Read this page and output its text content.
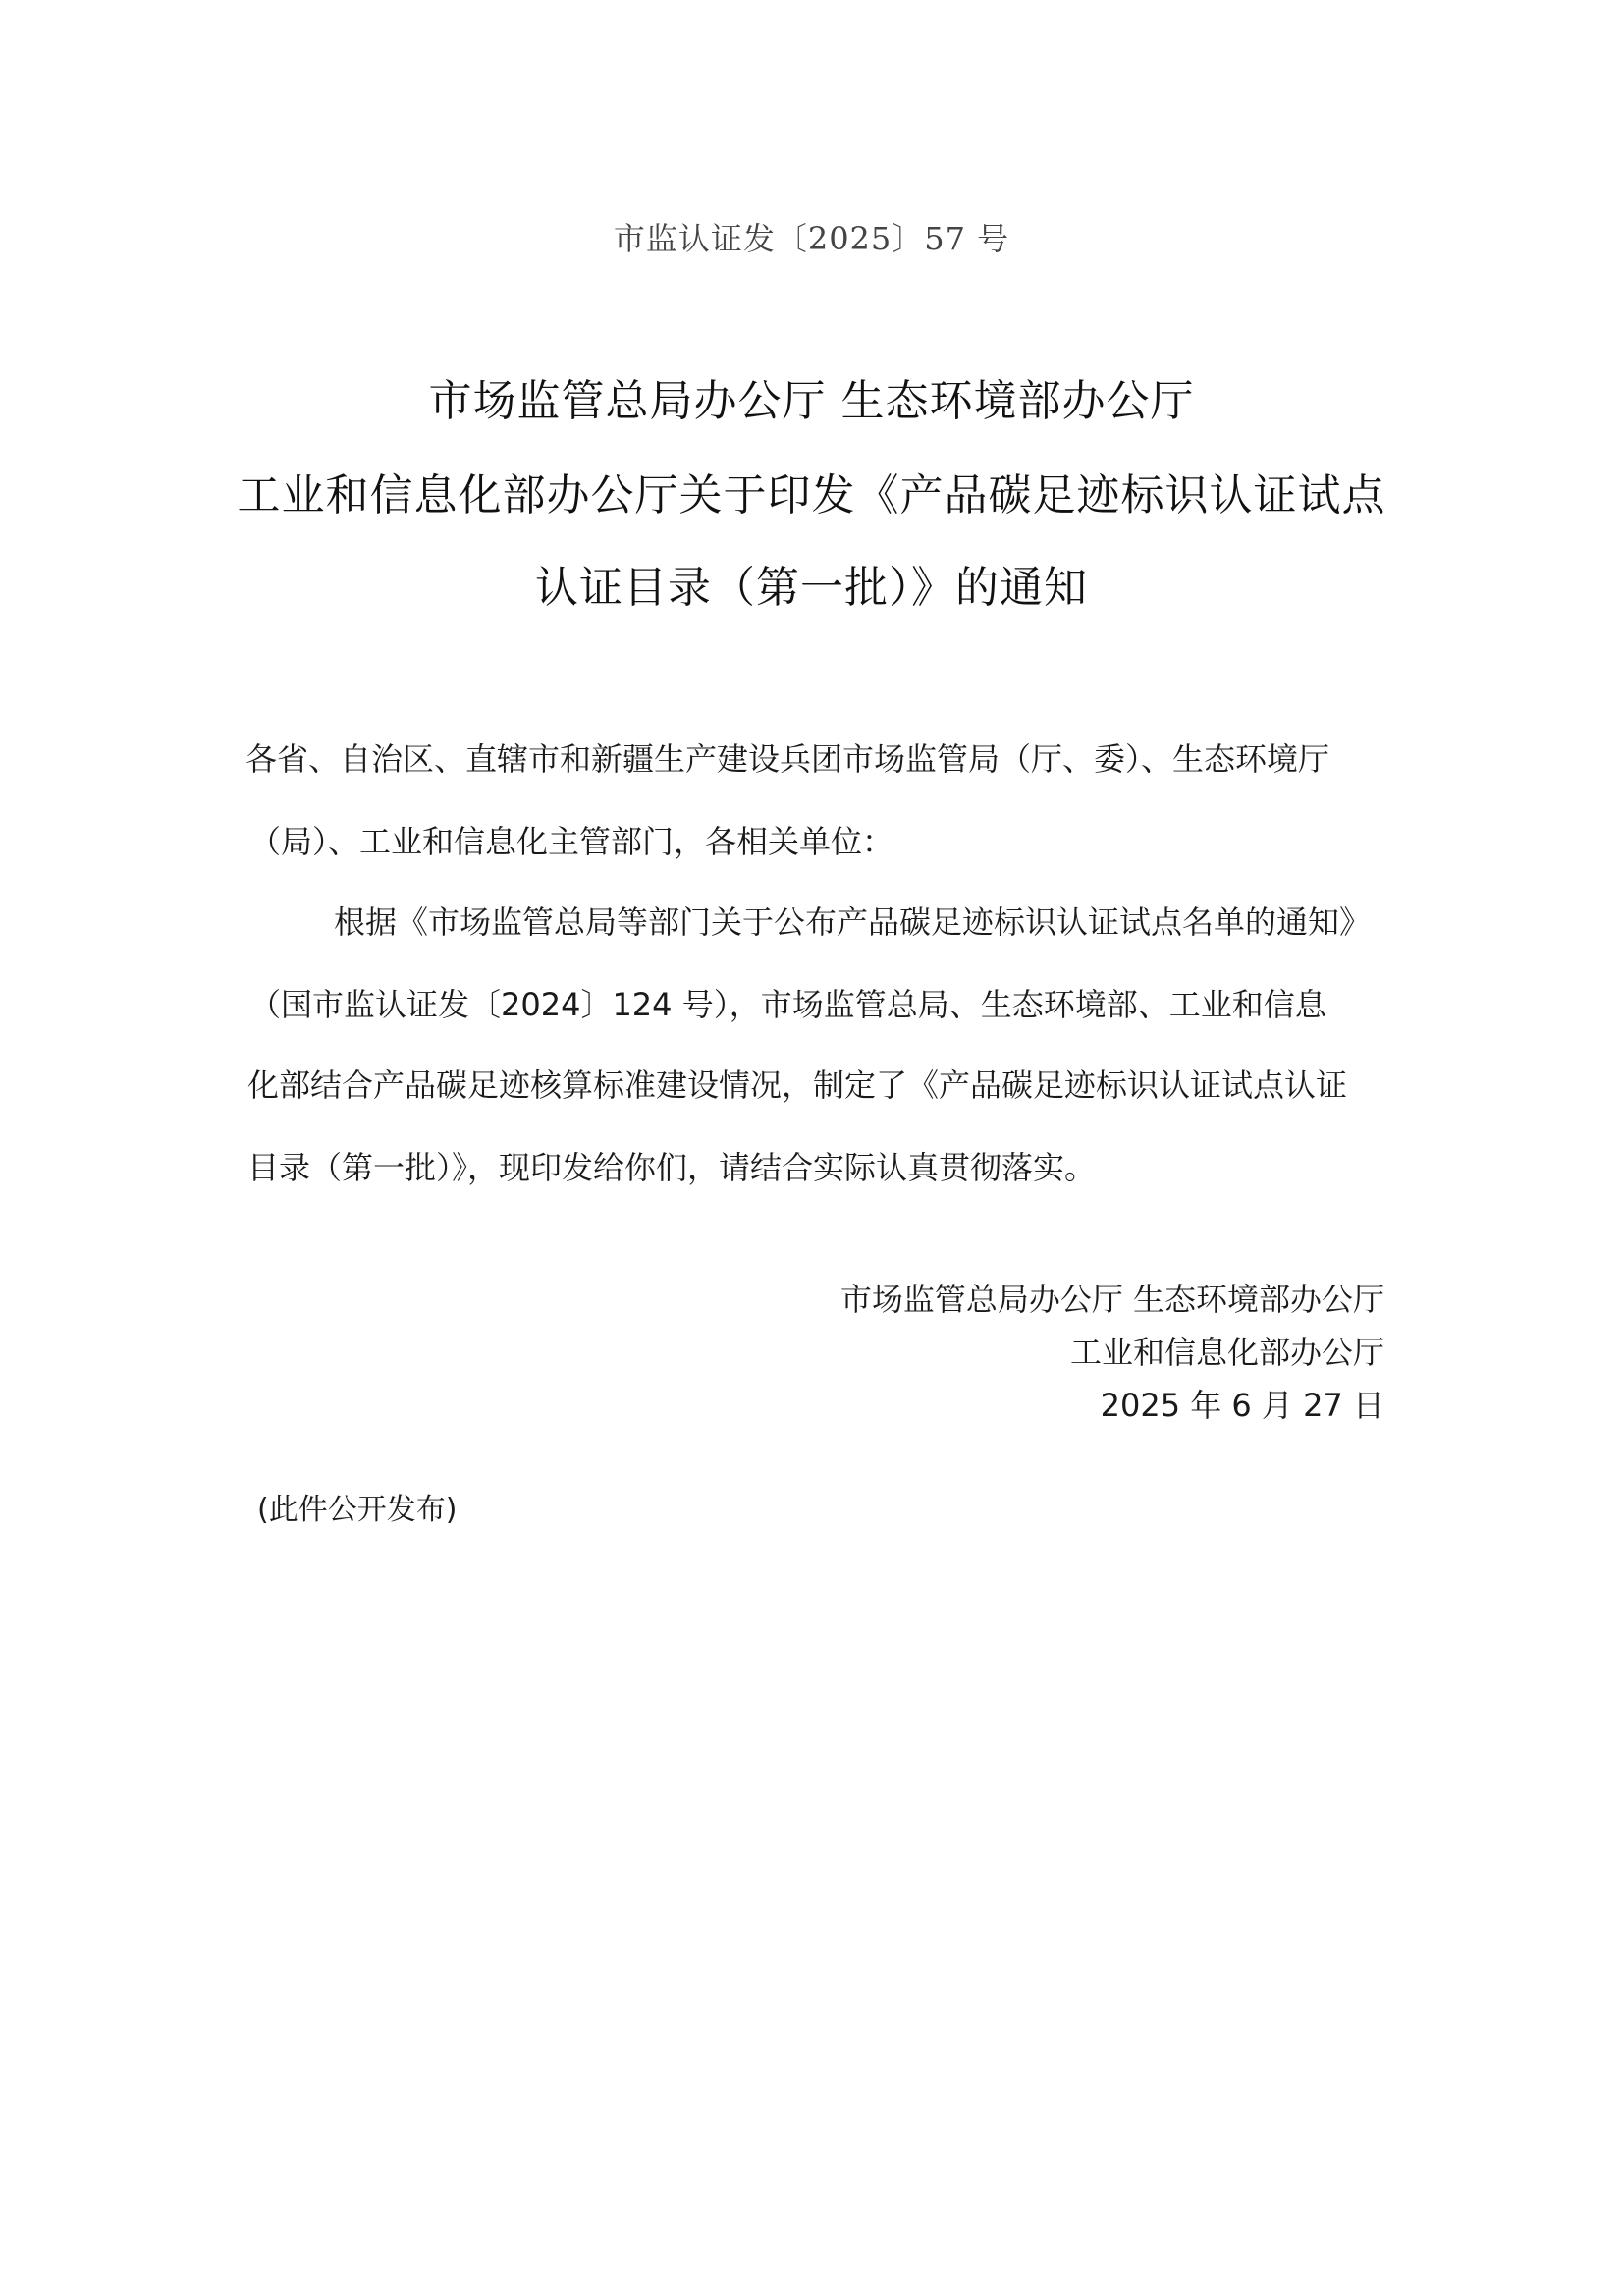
市监认证发〔2025〕57 号
市场监管总局办公厅 生态环境部办公厅
工业和信息化部办公厅关于印发《产品碳足迹标识认证试点
认证目录（第一批）》的通知
各省、自治区、直辖市和新疆生产建设兵团市场监管局（厅、委）、生态环境厅
（局）、工业和信息化主管部门，各相关单位：
根据《市场监管总局等部门关于公布产品碳足迹标识认证试点名单的通知》
（国市监认证发〔2024〕124 号），市场监管总局、生态环境部、工业和信息
化部结合产品碳足迹核算标准建设情况，制定了《产品碳足迹标识认证试点认证
目录（第一批）》，现印发给你们，请结合实际认真贯彻落实。
市场监管总局办公厅 生态环境部办公厅
工业和信息化部办公厅
2025 年 6 月 27 日
(此件公开发布)
